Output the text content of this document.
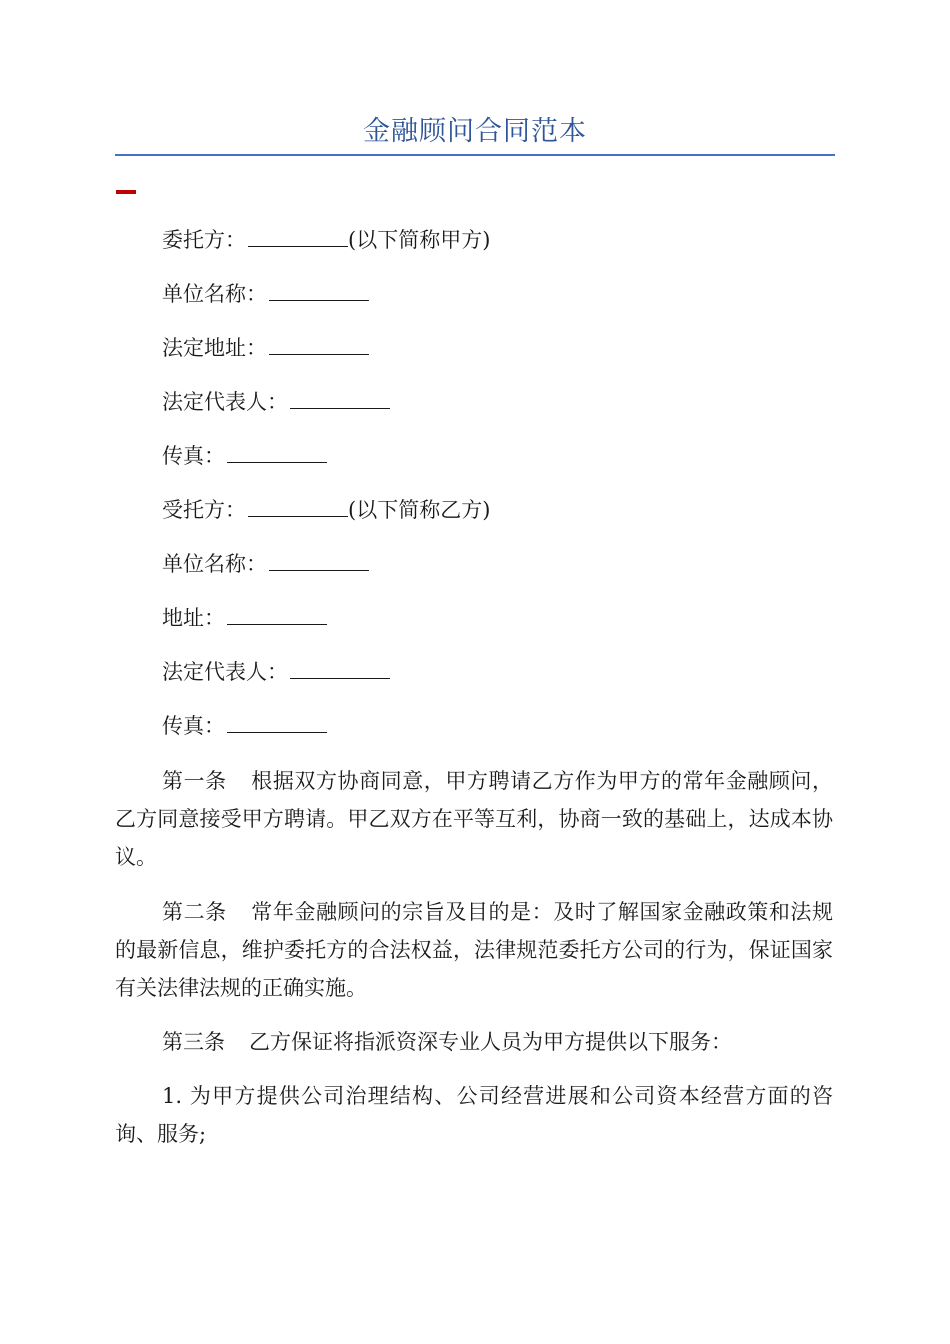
金融顾问合同范本
委托方：	(以下简称甲方)
单位名称：
法定地址：
法定代表人：
传真：
受托方：	(以下简称乙方)
单位名称：
地址：
法定代表人：
传真：
第一条 根据双方协商同意，甲方聘请乙方作为甲方的常年金融顾问，乙方同意接受甲方聘请。甲乙双方在平等互利，协商一致的基础上，达成本协议。
第二条 常年金融顾问的宗旨及目的是：及时了解国家金融政策和法规的最新信息，维护委托方的合法权益，法律规范委托方公司的行为，保证国家有关法律法规的正确实施。
第三条 乙方保证将指派资深专业人员为甲方提供以下服务：
1. 为甲方提供公司治理结构、公司经营进展和公司资本经营方面的咨询、服务;
